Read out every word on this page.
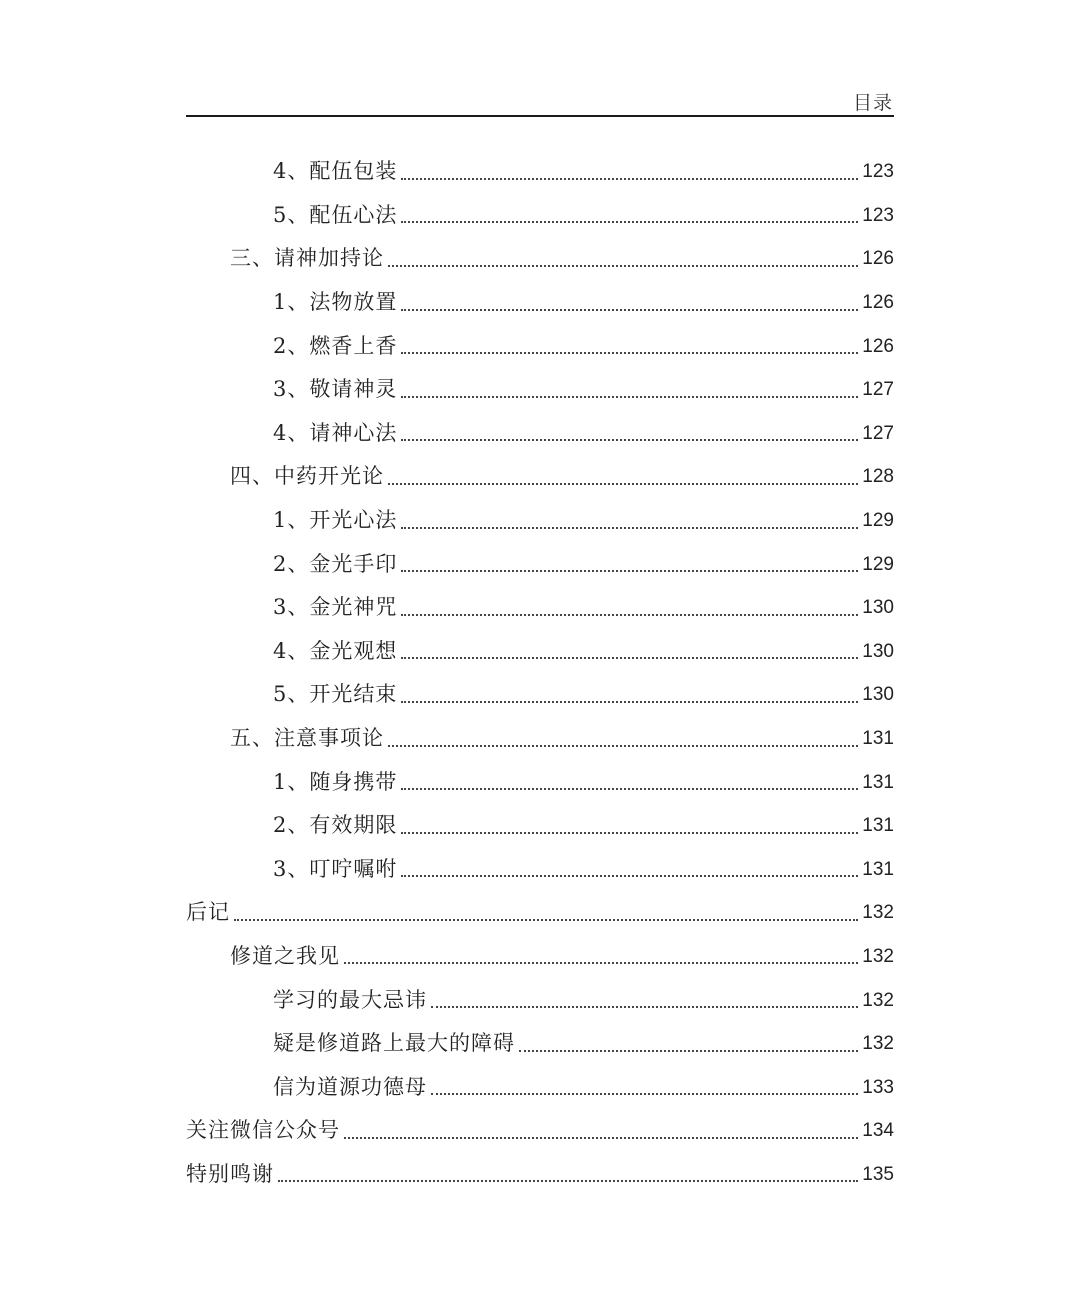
目录
4、配伍包装	123
5、配伍心法	123
三、请神加持论	126
1、法物放置	126
2、燃香上香	126
3、敬请神灵	127
4、请神心法	127
四、中药开光论	128
1、开光心法	129
2、金光手印	129
3、金光神咒	130
4、金光观想	130
5、开光结束	130
五、注意事项论	131
1、随身携带	131
2、有效期限	131
3、叮咛嘱咐	131
后记	132
修道之我见	132
学习的最大忌讳	132
疑是修道路上最大的障碍	132
信为道源功德母	133
关注微信公众号	134
特别鸣谢	135
